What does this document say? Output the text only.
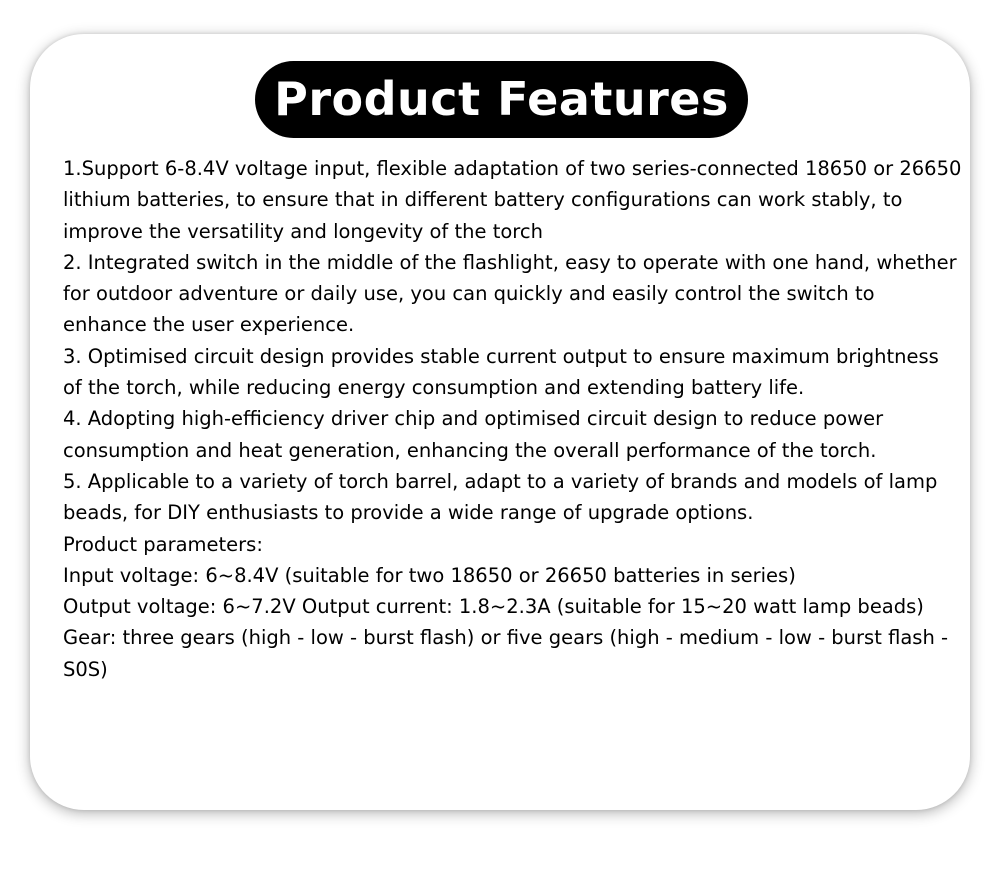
Product Features

1.Support 6-8.4V voltage input, flexible adaptation of two series-connected 18650 or 26650 lithium batteries, to ensure that in different battery configurations can work stably, to improve the versatility and longevity of the torch

2. Integrated switch in the middle of the flashlight, easy to operate with one hand, whether for outdoor adventure or daily use, you can quickly and easily control the switch to enhance the user experience.

3. Optimised circuit design provides stable current output to ensure maximum brightness of the torch, while reducing energy consumption and extending battery life.

4. Adopting high-efficiency driver chip and optimised circuit design to reduce power consumption and heat generation, enhancing the overall performance of the torch.

5. Applicable to a variety of torch barrel, adapt to a variety of brands and models of lamp beads, for DIY enthusiasts to provide a wide range of upgrade options.

Product parameters:

Input voltage: 6~8.4V (suitable for two 18650 or 26650 batteries in series)

Output voltage: 6~7.2V Output current: 1.8~2.3A (suitable for 15~20 watt lamp beads)

Gear: three gears (high - low - burst flash) or five gears (high - medium - low - burst flash - S0S)
